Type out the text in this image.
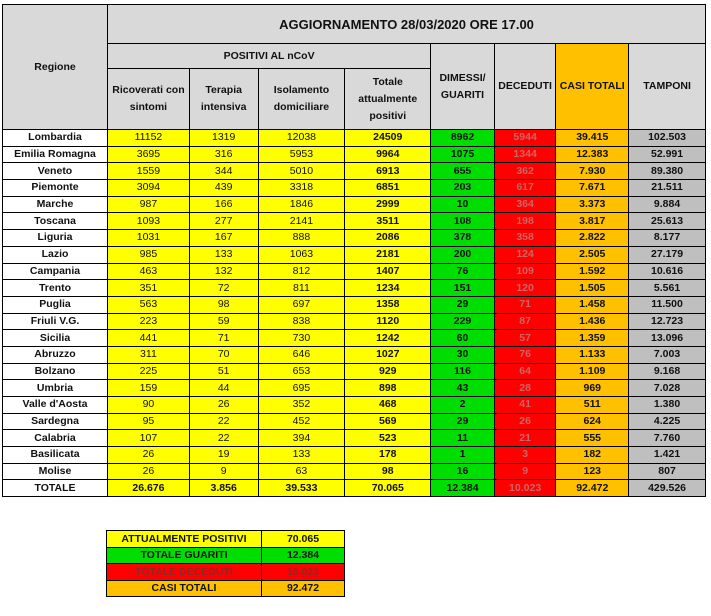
Regione	AGGIORNAMENTO 28/03/2020 ORE 17.00							
	POSITIVI AL nCoV				DIMESSI/ GUARITI	DECEDUTI	CASI TOTALI	TAMPONI
	Ricoverati con sintomi	Terapia intensiva	Isolamento domiciliare	Totale attualmente positivi				
Lombardia	11152	1319	12038	24509	8962	5944	39.415	102.503
Emilia Romagna	3695	316	5953	9964	1075	1344	12.383	52.991
Veneto	1559	344	5010	6913	655	362	7.930	89.380
Piemonte	3094	439	3318	6851	203	617	7.671	21.511
Marche	987	166	1846	2999	10	364	3.373	9.884
Toscana	1093	277	2141	3511	108	198	3.817	25.613
Liguria	1031	167	888	2086	378	358	2.822	8.177
Lazio	985	133	1063	2181	200	124	2.505	27.179
Campania	463	132	812	1407	76	109	1.592	10.616
Trento	351	72	811	1234	151	120	1.505	5.561
Puglia	563	98	697	1358	29	71	1.458	11.500
Friuli V.G.	223	59	838	1120	229	87	1.436	12.723
Sicilia	441	71	730	1242	60	57	1.359	13.096
Abruzzo	311	70	646	1027	30	76	1.133	7.003
Bolzano	225	51	653	929	116	64	1.109	9.168
Umbria	159	44	695	898	43	28	969	7.028
Valle d'Aosta	90	26	352	468	2	41	511	1.380
Sardegna	95	22	452	569	29	26	624	4.225
Calabria	107	22	394	523	11	21	555	7.760
Basilicata	26	19	133	178	1	3	182	1.421
Molise	26	9	63	98	16	9	123	807
TOTALE	26.676	3.856	39.533	70.065	12.384	10.023	92.472	429.526
ATTUALMENTE POSITIVI	70.065
TOTALE GUARITI	12.384
TOTALE DECEDUTI	10.023
CASI TOTALI	92.472
